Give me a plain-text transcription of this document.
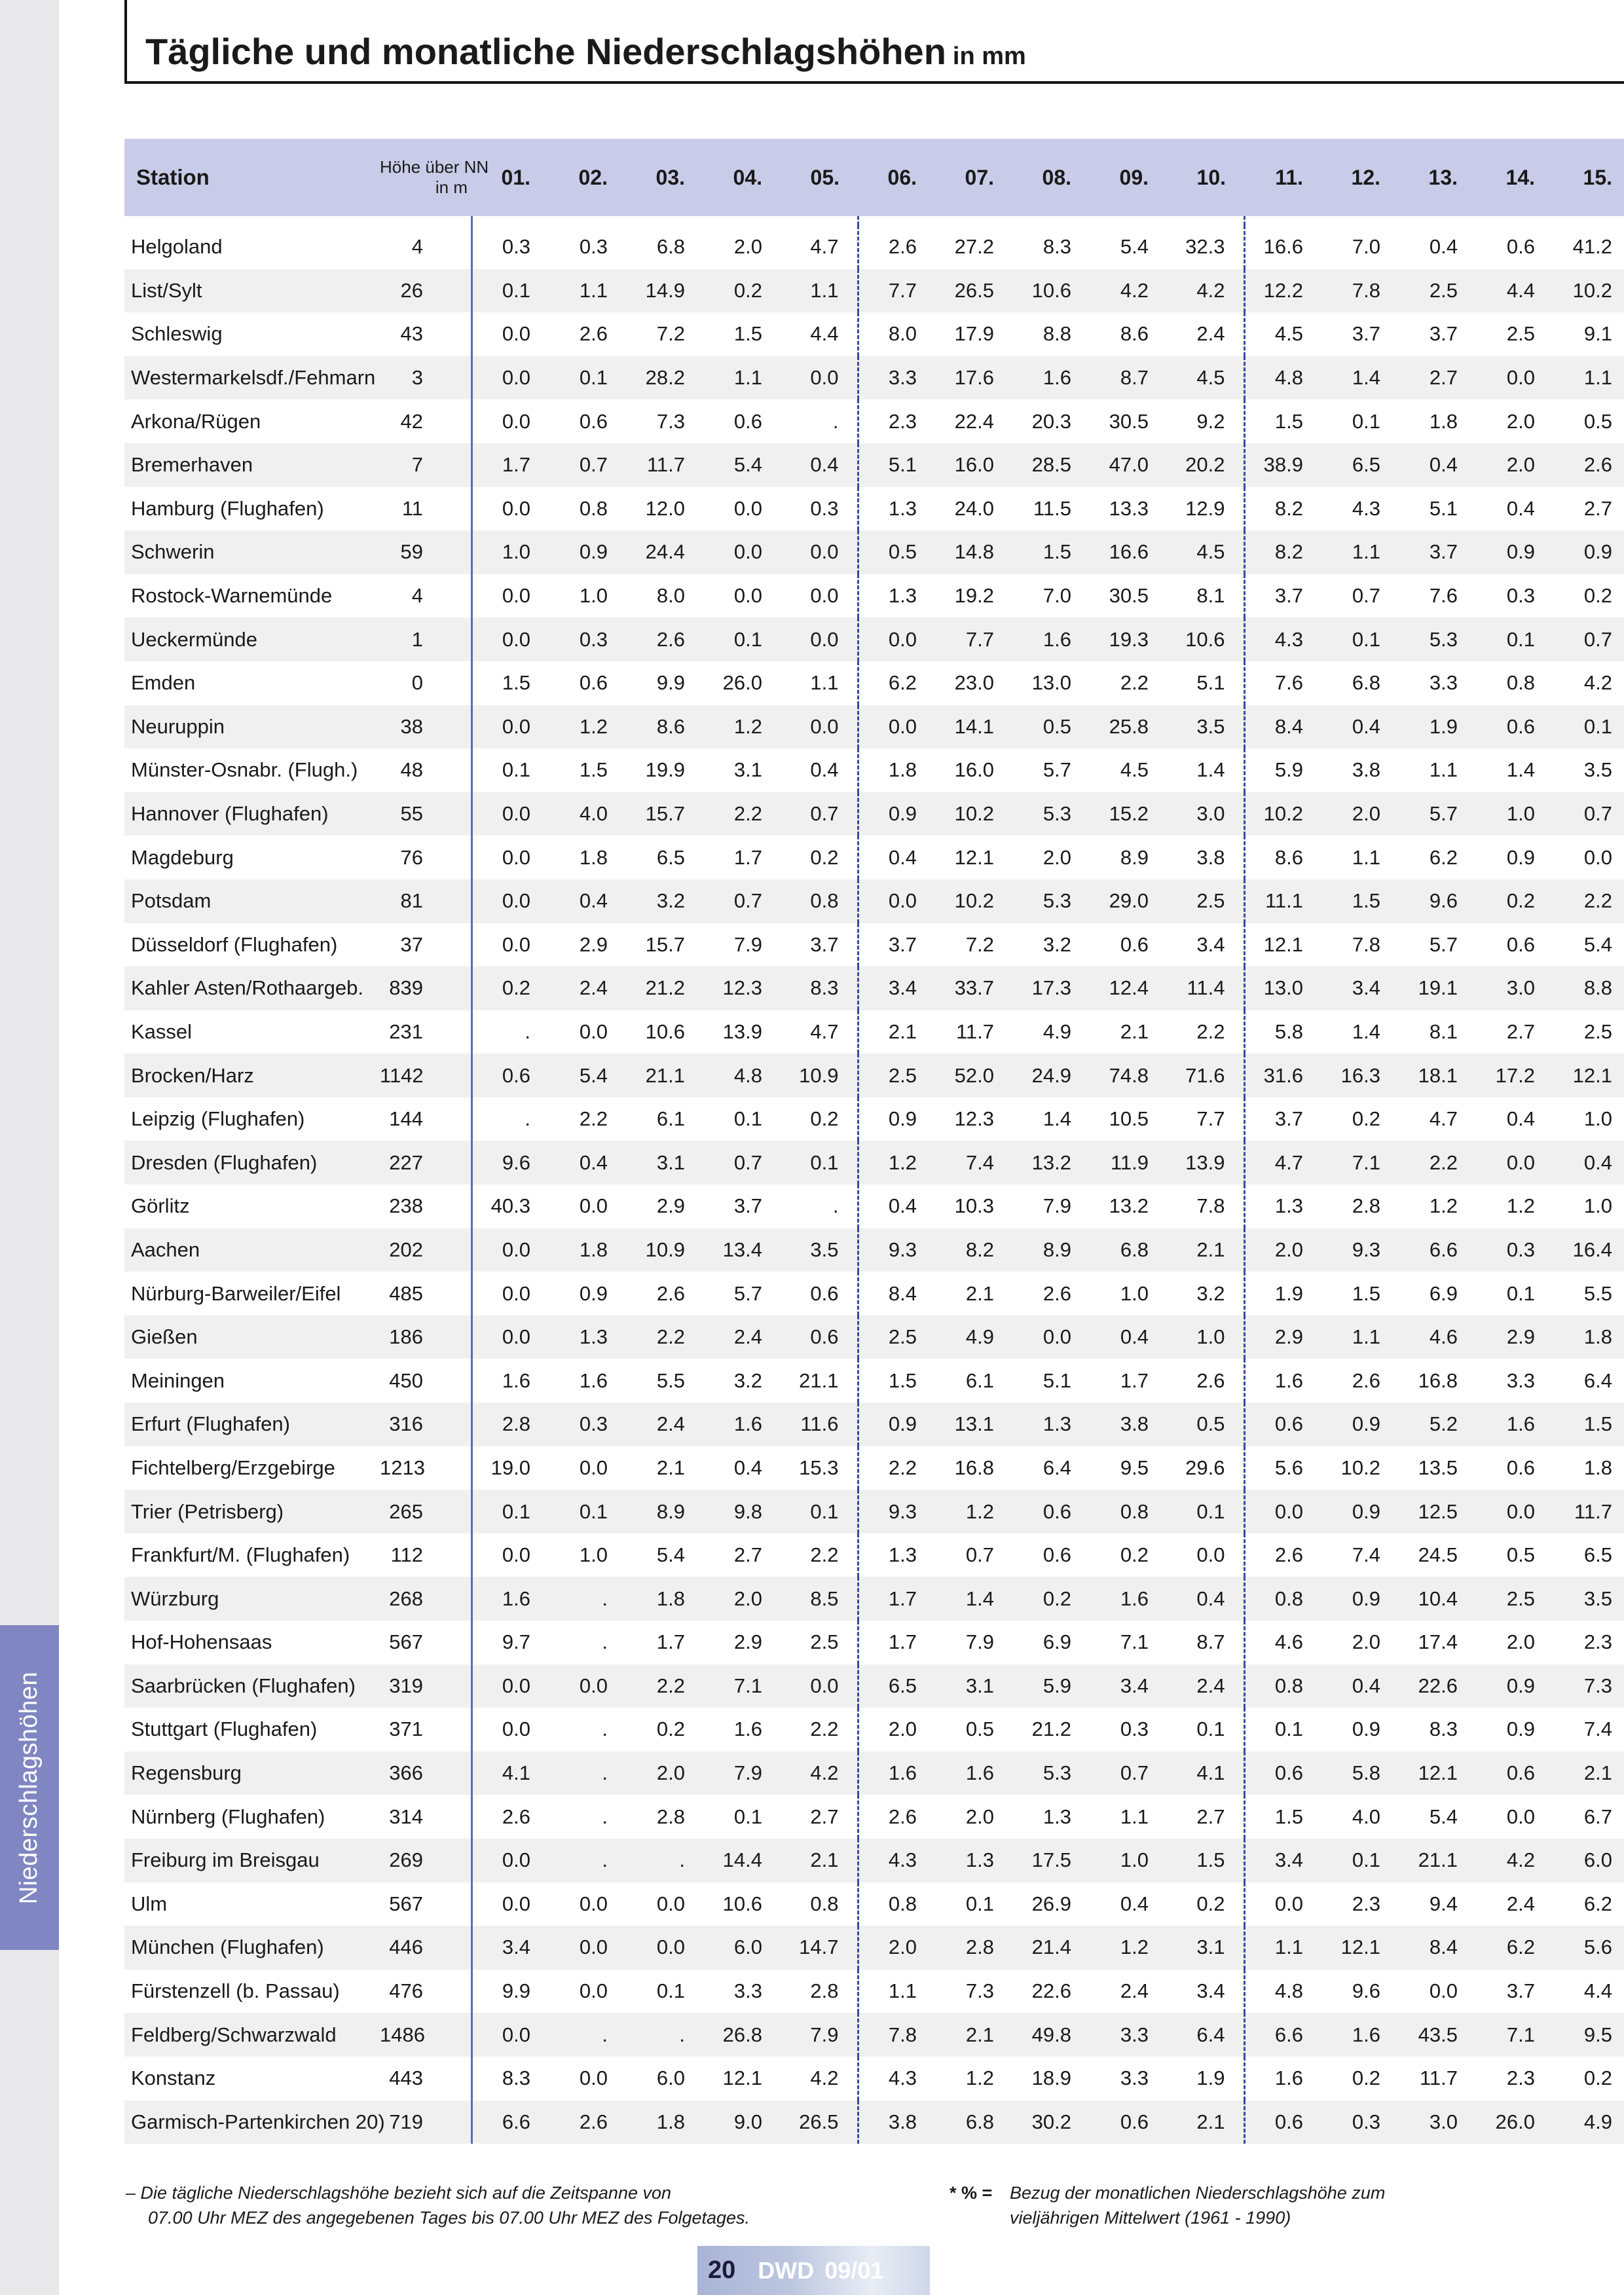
Niederschlagshöhen
Tägliche und monatliche Niederschlagshöhen in mm
Station	Höhe über NN
in m		01.	02.	03.	04.	05.	06.	07.	08.	09.	10.	11.	12.	13.	14.	15.

Helgoland	4		0.3	0.3	6.8	2.0	4.7	2.6	27.2	8.3	5.4	32.3	16.6	7.0	0.4	0.6	41.2
List/Sylt	26		0.1	1.1	14.9	0.2	1.1	7.7	26.5	10.6	4.2	4.2	12.2	7.8	2.5	4.4	10.2
Schleswig	43		0.0	2.6	7.2	1.5	4.4	8.0	17.9	8.8	8.6	2.4	4.5	3.7	3.7	2.5	9.1
Westermarkelsdf./Fehmarn	3		0.0	0.1	28.2	1.1	0.0	3.3	17.6	1.6	8.7	4.5	4.8	1.4	2.7	0.0	1.1
Arkona/Rügen	42		0.0	0.6	7.3	0.6	.	2.3	22.4	20.3	30.5	9.2	1.5	0.1	1.8	2.0	0.5
Bremerhaven	7		1.7	0.7	11.7	5.4	0.4	5.1	16.0	28.5	47.0	20.2	38.9	6.5	0.4	2.0	2.6
Hamburg (Flughafen)	11		0.0	0.8	12.0	0.0	0.3	1.3	24.0	11.5	13.3	12.9	8.2	4.3	5.1	0.4	2.7
Schwerin	59		1.0	0.9	24.4	0.0	0.0	0.5	14.8	1.5	16.6	4.5	8.2	1.1	3.7	0.9	0.9
Rostock-Warnemünde	4		0.0	1.0	8.0	0.0	0.0	1.3	19.2	7.0	30.5	8.1	3.7	0.7	7.6	0.3	0.2
Ueckermünde	1		0.0	0.3	2.6	0.1	0.0	0.0	7.7	1.6	19.3	10.6	4.3	0.1	5.3	0.1	0.7
Emden	0		1.5	0.6	9.9	26.0	1.1	6.2	23.0	13.0	2.2	5.1	7.6	6.8	3.3	0.8	4.2
Neuruppin	38		0.0	1.2	8.6	1.2	0.0	0.0	14.1	0.5	25.8	3.5	8.4	0.4	1.9	0.6	0.1
Münster-Osnabr. (Flugh.)	48		0.1	1.5	19.9	3.1	0.4	1.8	16.0	5.7	4.5	1.4	5.9	3.8	1.1	1.4	3.5
Hannover (Flughafen)	55		0.0	4.0	15.7	2.2	0.7	0.9	10.2	5.3	15.2	3.0	10.2	2.0	5.7	1.0	0.7
Magdeburg	76		0.0	1.8	6.5	1.7	0.2	0.4	12.1	2.0	8.9	3.8	8.6	1.1	6.2	0.9	0.0
Potsdam	81		0.0	0.4	3.2	0.7	0.8	0.0	10.2	5.3	29.0	2.5	11.1	1.5	9.6	0.2	2.2
Düsseldorf (Flughafen)	37		0.0	2.9	15.7	7.9	3.7	3.7	7.2	3.2	0.6	3.4	12.1	7.8	5.7	0.6	5.4
Kahler Asten/Rothaargeb.	839		0.2	2.4	21.2	12.3	8.3	3.4	33.7	17.3	12.4	11.4	13.0	3.4	19.1	3.0	8.8
Kassel	231		.	0.0	10.6	13.9	4.7	2.1	11.7	4.9	2.1	2.2	5.8	1.4	8.1	2.7	2.5
Brocken/Harz	1142		0.6	5.4	21.1	4.8	10.9	2.5	52.0	24.9	74.8	71.6	31.6	16.3	18.1	17.2	12.1
Leipzig (Flughafen)	144		.	2.2	6.1	0.1	0.2	0.9	12.3	1.4	10.5	7.7	3.7	0.2	4.7	0.4	1.0
Dresden (Flughafen)	227		9.6	0.4	3.1	0.7	0.1	1.2	7.4	13.2	11.9	13.9	4.7	7.1	2.2	0.0	0.4
Görlitz	238		40.3	0.0	2.9	3.7	.	0.4	10.3	7.9	13.2	7.8	1.3	2.8	1.2	1.2	1.0
Aachen	202		0.0	1.8	10.9	13.4	3.5	9.3	8.2	8.9	6.8	2.1	2.0	9.3	6.6	0.3	16.4
Nürburg-Barweiler/Eifel	485		0.0	0.9	2.6	5.7	0.6	8.4	2.1	2.6	1.0	3.2	1.9	1.5	6.9	0.1	5.5
Gießen	186		0.0	1.3	2.2	2.4	0.6	2.5	4.9	0.0	0.4	1.0	2.9	1.1	4.6	2.9	1.8
Meiningen	450		1.6	1.6	5.5	3.2	21.1	1.5	6.1	5.1	1.7	2.6	1.6	2.6	16.8	3.3	6.4
Erfurt (Flughafen)	316		2.8	0.3	2.4	1.6	11.6	0.9	13.1	1.3	3.8	0.5	0.6	0.9	5.2	1.6	1.5
Fichtelberg/Erzgebirge	1213		19.0	0.0	2.1	0.4	15.3	2.2	16.8	6.4	9.5	29.6	5.6	10.2	13.5	0.6	1.8
Trier (Petrisberg)	265		0.1	0.1	8.9	9.8	0.1	9.3	1.2	0.6	0.8	0.1	0.0	0.9	12.5	0.0	11.7
Frankfurt/M. (Flughafen)	112		0.0	1.0	5.4	2.7	2.2	1.3	0.7	0.6	0.2	0.0	2.6	7.4	24.5	0.5	6.5
Würzburg	268		1.6	.	1.8	2.0	8.5	1.7	1.4	0.2	1.6	0.4	0.8	0.9	10.4	2.5	3.5
Hof-Hohensaas	567		9.7	.	1.7	2.9	2.5	1.7	7.9	6.9	7.1	8.7	4.6	2.0	17.4	2.0	2.3
Saarbrücken (Flughafen)	319		0.0	0.0	2.2	7.1	0.0	6.5	3.1	5.9	3.4	2.4	0.8	0.4	22.6	0.9	7.3
Stuttgart (Flughafen)	371		0.0	.	0.2	1.6	2.2	2.0	0.5	21.2	0.3	0.1	0.1	0.9	8.3	0.9	7.4
Regensburg	366		4.1	.	2.0	7.9	4.2	1.6	1.6	5.3	0.7	4.1	0.6	5.8	12.1	0.6	2.1
Nürnberg (Flughafen)	314		2.6	.	2.8	0.1	2.7	2.6	2.0	1.3	1.1	2.7	1.5	4.0	5.4	0.0	6.7
Freiburg im Breisgau	269		0.0	.	.	14.4	2.1	4.3	1.3	17.5	1.0	1.5	3.4	0.1	21.1	4.2	6.0
Ulm	567		0.0	0.0	0.0	10.6	0.8	0.8	0.1	26.9	0.4	0.2	0.0	2.3	9.4	2.4	6.2
München (Flughafen)	446		3.4	0.0	0.0	6.0	14.7	2.0	2.8	21.4	1.2	3.1	1.1	12.1	8.4	6.2	5.6
Fürstenzell (b. Passau)	476		9.9	0.0	0.1	3.3	2.8	1.1	7.3	22.6	2.4	3.4	4.8	9.6	0.0	3.7	4.4
Feldberg/Schwarzwald	1486		0.0	.	.	26.8	7.9	7.8	2.1	49.8	3.3	6.4	6.6	1.6	43.5	7.1	9.5
Konstanz	443		8.3	0.0	6.0	12.1	4.2	4.3	1.2	18.9	3.3	1.9	1.6	0.2	11.7	2.3	0.2
Garmisch-Partenkirchen 20)	719		6.6	2.6	1.8	9.0	26.5	3.8	6.8	30.2	0.6	2.1	0.6	0.3	3.0	26.0	4.9
– Die tägliche Niederschlagshöhe bezieht sich auf die Zeitspanne von
07.00 Uhr MEZ des angegebenen Tages bis 07.00 Uhr MEZ des Folgetages.
* % = Bezug der monatlichen Niederschlagshöhe zum
vieljährigen Mittelwert (1961 - 1990)
20 DWD 09/01
